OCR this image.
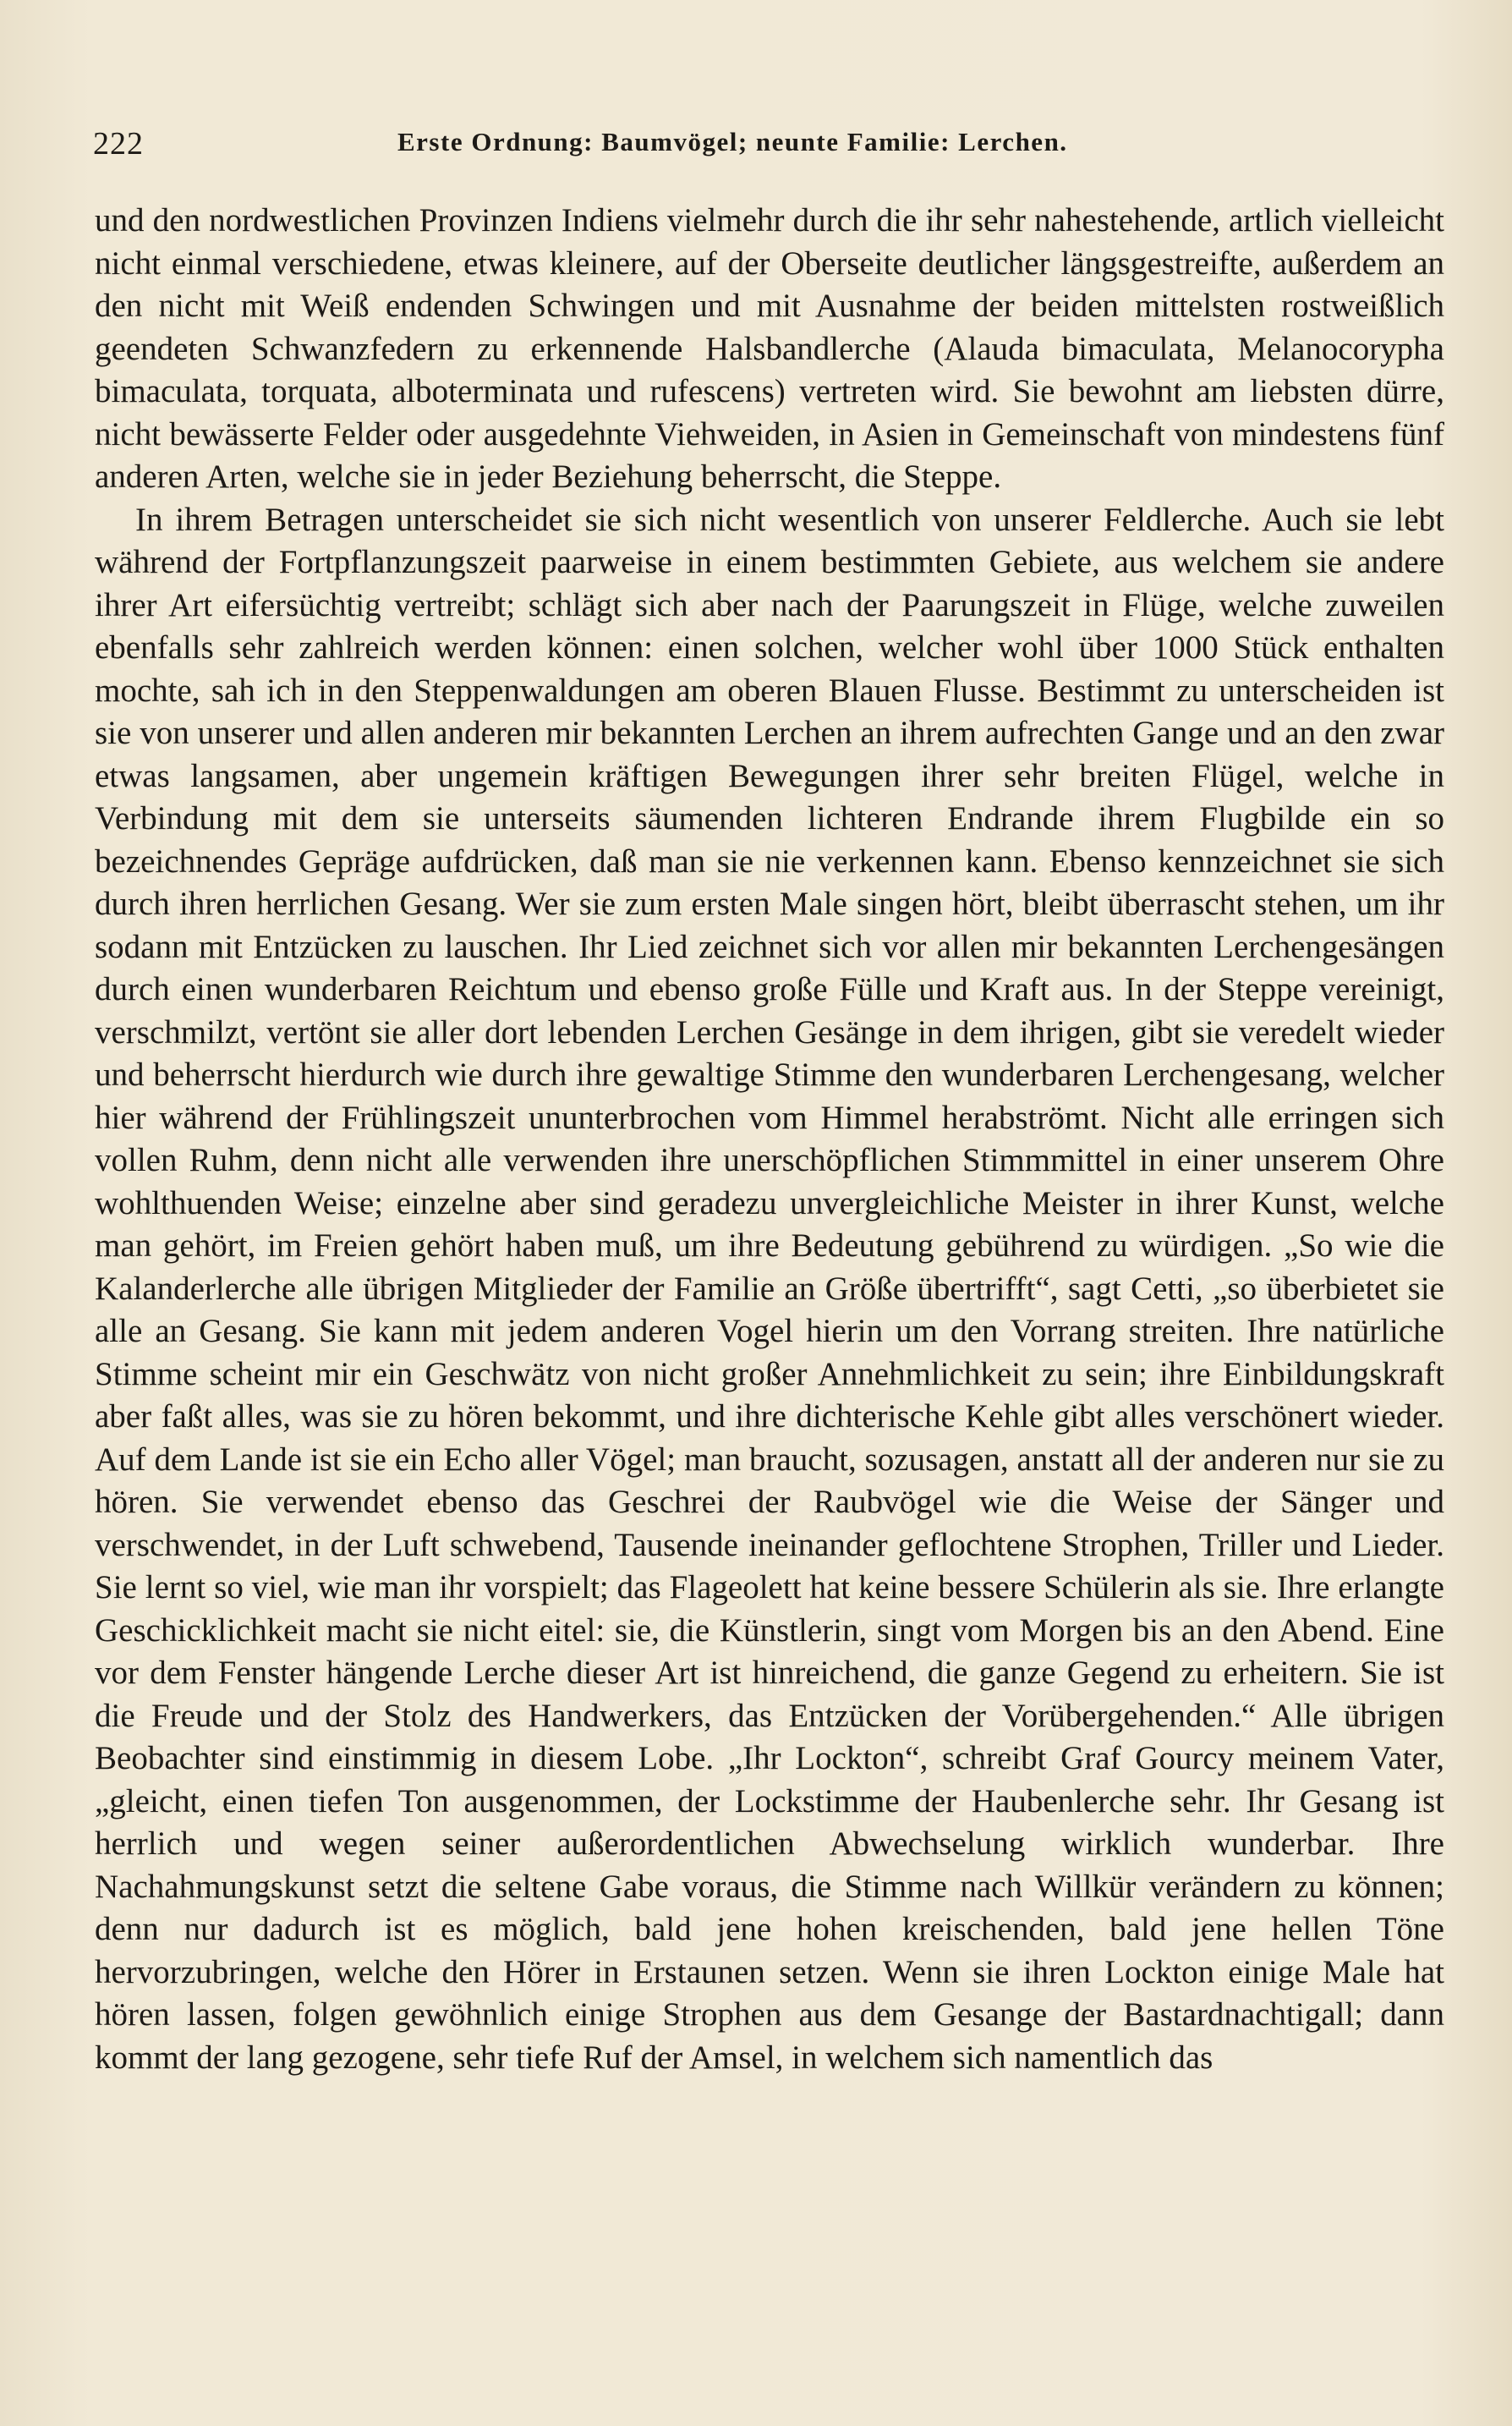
222	Erste Ordnung: Baumvögel; neunte Familie: Lerchen.

und den nordwestlichen Provinzen Indiens vielmehr durch die ihr sehr nahestehende, artlich vielleicht nicht einmal verschiedene, etwas kleinere, auf der Oberseite deutlicher längsgestreifte, außerdem an den nicht mit Weiß endenden Schwingen und mit Ausnahme der beiden mittelsten rostweißlich geendeten Schwanzfedern zu erkennende Halsbandlerche (Alauda bimaculata, Melanocorypha bimaculata, torquata, alboterminata und rufescens) vertreten wird. Sie bewohnt am liebsten dürre, nicht bewässerte Felder oder ausgedehnte Viehweiden, in Asien in Gemeinschaft von mindestens fünf anderen Arten, welche sie in jeder Beziehung beherrscht, die Steppe.

In ihrem Betragen unterscheidet sie sich nicht wesentlich von unserer Feldlerche. Auch sie lebt während der Fortpflanzungszeit paarweise in einem bestimmten Gebiete, aus welchem sie andere ihrer Art eifersüchtig vertreibt; schlägt sich aber nach der Paarungszeit in Flüge, welche zuweilen ebenfalls sehr zahlreich werden können: einen solchen, welcher wohl über 1000 Stück enthalten mochte, sah ich in den Steppenwaldungen am oberen Blauen Flusse. Bestimmt zu unterscheiden ist sie von unserer und allen anderen mir bekannten Lerchen an ihrem aufrechten Gange und an den zwar etwas langsamen, aber ungemein kräftigen Bewegungen ihrer sehr breiten Flügel, welche in Verbindung mit dem sie unterseits säumenden lichteren Endrande ihrem Flugbilde ein so bezeichnendes Gepräge aufdrücken, daß man sie nie verkennen kann. Ebenso kennzeichnet sie sich durch ihren herrlichen Gesang. Wer sie zum ersten Male singen hört, bleibt überrascht stehen, um ihr sodann mit Entzücken zu lauschen. Ihr Lied zeichnet sich vor allen mir bekannten Lerchengesängen durch einen wunderbaren Reichtum und ebenso große Fülle und Kraft aus. In der Steppe vereinigt, verschmilzt, vertönt sie aller dort lebenden Lerchen Gesänge in dem ihrigen, gibt sie veredelt wieder und beherrscht hierdurch wie durch ihre gewaltige Stimme den wunderbaren Lerchengesang, welcher hier während der Frühlingszeit ununterbrochen vom Himmel herabströmt. Nicht alle erringen sich vollen Ruhm, denn nicht alle verwenden ihre unerschöpflichen Stimmmittel in einer unserem Ohre wohlthuenden Weise; einzelne aber sind geradezu unvergleichliche Meister in ihrer Kunst, welche man gehört, im Freien gehört haben muß, um ihre Bedeutung gebührend zu würdigen. „So wie die Kalanderlerche alle übrigen Mitglieder der Familie an Größe übertrifft“, sagt Cetti, „so überbietet sie alle an Gesang. Sie kann mit jedem anderen Vogel hierin um den Vorrang streiten. Ihre natürliche Stimme scheint mir ein Geschwätz von nicht großer Annehmlichkeit zu sein; ihre Einbildungskraft aber faßt alles, was sie zu hören bekommt, und ihre dichterische Kehle gibt alles verschönert wieder. Auf dem Lande ist sie ein Echo aller Vögel; man braucht, sozusagen, anstatt all der anderen nur sie zu hören. Sie verwendet ebenso das Geschrei der Raubvögel wie die Weise der Sänger und verschwendet, in der Luft schwebend, Tausende ineinander geflochtene Strophen, Triller und Lieder. Sie lernt so viel, wie man ihr vorspielt; das Flageolett hat keine bessere Schülerin als sie. Ihre erlangte Geschicklichkeit macht sie nicht eitel: sie, die Künstlerin, singt vom Morgen bis an den Abend. Eine vor dem Fenster hängende Lerche dieser Art ist hinreichend, die ganze Gegend zu erheitern. Sie ist die Freude und der Stolz des Handwerkers, das Entzücken der Vorübergehenden.“ Alle übrigen Beobachter sind einstimmig in diesem Lobe. „Ihr Lockton“, schreibt Graf Gourcy meinem Vater, „gleicht, einen tiefen Ton ausgenommen, der Lockstimme der Haubenlerche sehr. Ihr Gesang ist herrlich und wegen seiner außerordentlichen Abwechselung wirklich wunderbar. Ihre Nachahmungskunst setzt die seltene Gabe voraus, die Stimme nach Willkür verändern zu können; denn nur dadurch ist es möglich, bald jene hohen kreischenden, bald jene hellen Töne hervorzubringen, welche den Hörer in Erstaunen setzen. Wenn sie ihren Lockton einige Male hat hören lassen, folgen gewöhnlich einige Strophen aus dem Gesange der Bastardnachtigall; dann kommt der lang gezogene, sehr tiefe Ruf der Amsel, in welchem sich namentlich das
